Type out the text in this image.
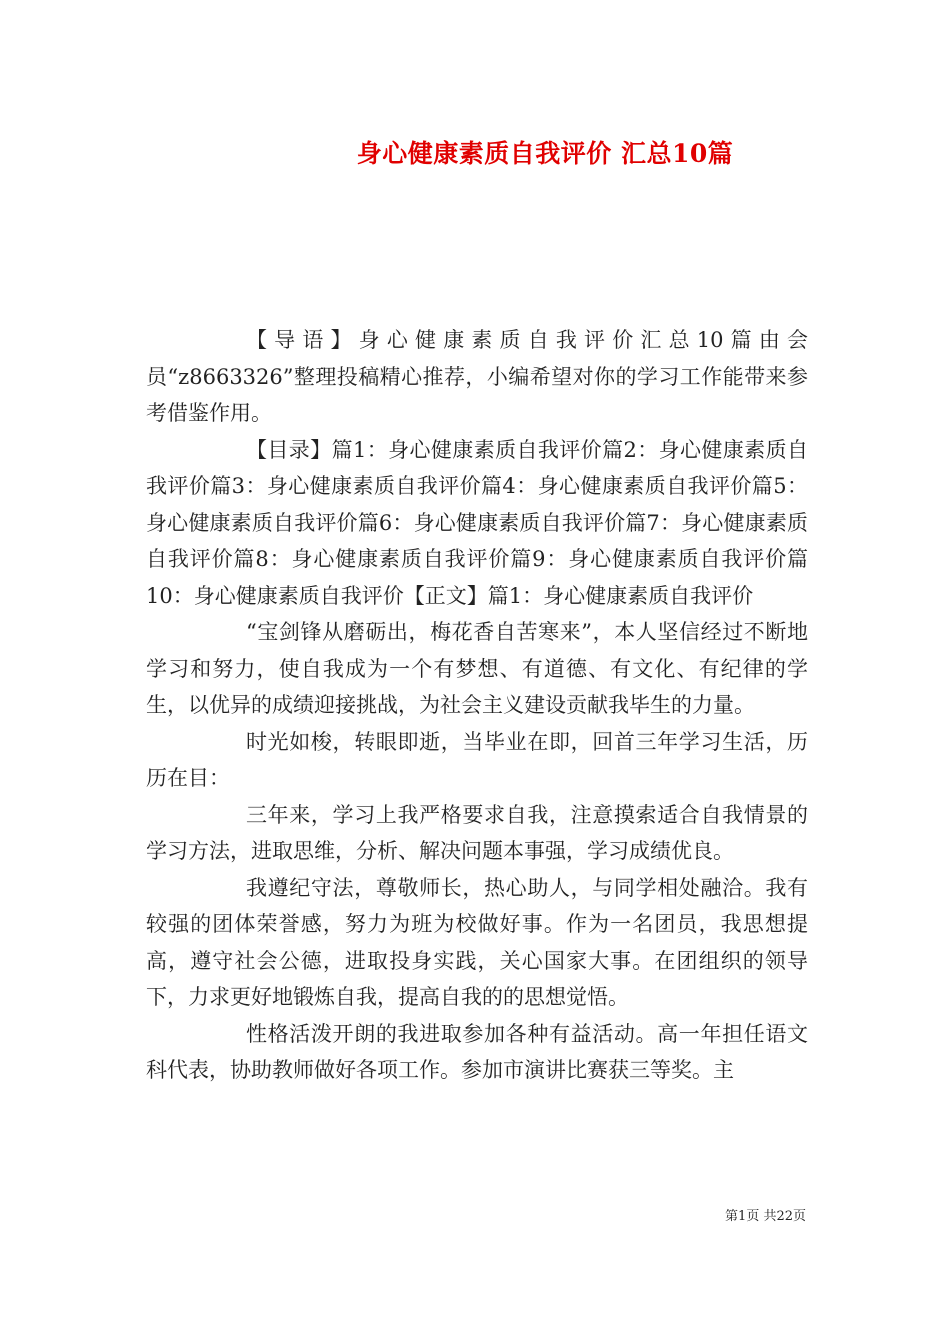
身心健康素质自我评价 汇总10篇

【导语】身心健康素质自我评价汇总10篇由会员“z8663326”整理投稿精心推荐，小编希望对你的学习工作能带来参考借鉴作用。

【目录】篇1：身心健康素质自我评价篇2：身心健康素质自我评价篇3：身心健康素质自我评价篇4：身心健康素质自我评价篇5：身心健康素质自我评价篇6：身心健康素质自我评价篇7：身心健康素质自我评价篇8：身心健康素质自我评价篇9：身心健康素质自我评价篇10：身心健康素质自我评价【正文】篇1：身心健康素质自我评价

“宝剑锋从磨砺出，梅花香自苦寒来”，本人坚信经过不断地学习和努力，使自我成为一个有梦想、有道德、有文化、有纪律的学生，以优异的成绩迎接挑战，为社会主义建设贡献我毕生的力量。

时光如梭，转眼即逝，当毕业在即，回首三年学习生活，历历在目：

三年来，学习上我严格要求自我，注意摸索适合自我情景的学习方法，进取思维，分析、解决问题本事强，学习成绩优良。

我遵纪守法，尊敬师长，热心助人，与同学相处融洽。我有较强的团体荣誉感，努力为班为校做好事。作为一名团员，我思想提高，遵守社会公德，进取投身实践，关心国家大事。在团组织的领导下，力求更好地锻炼自我，提高自我的的思想觉悟。

性格活泼开朗的我进取参加各种有益活动。高一年担任语文科代表，协助教师做好各项工作。参加市演讲比赛获三等奖。主

第1页 共22页
